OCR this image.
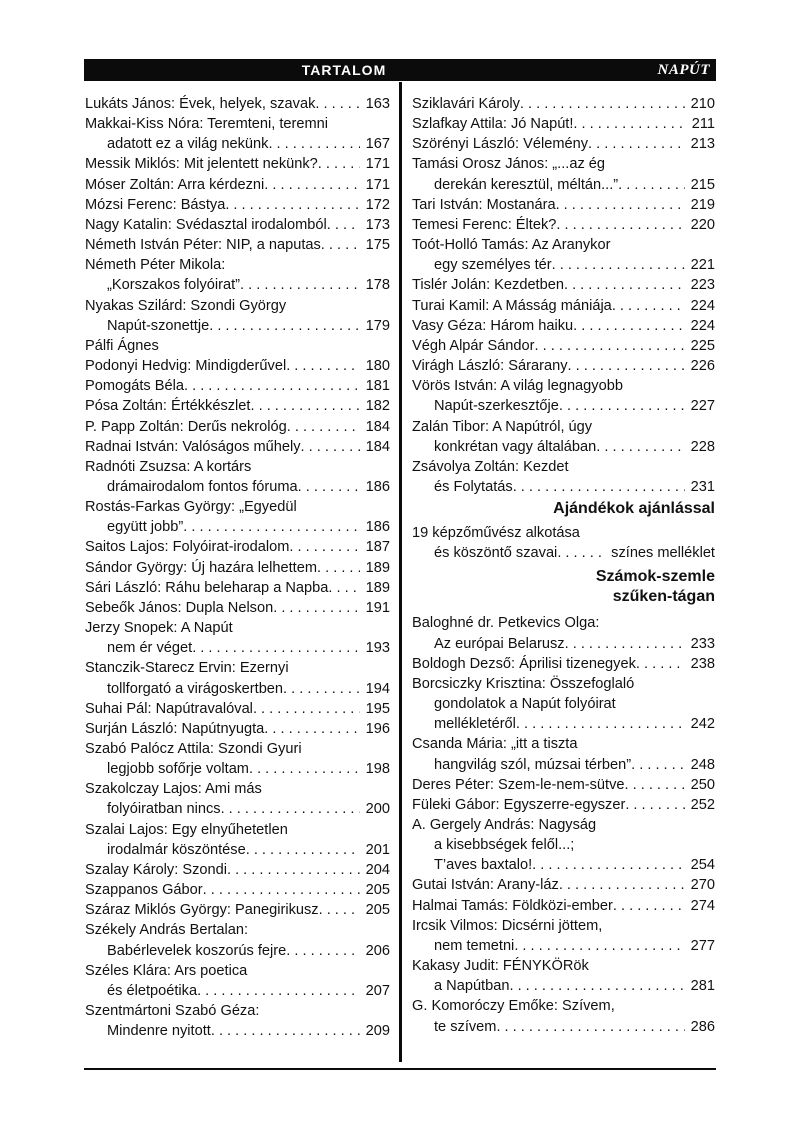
TARTALOM	NAPÚT
Lukáts János: Évek, helyek, szavak . . .	163
Makkai-Kiss Nóra: Teremteni, teremni
adatott ez a világ nekünk . . .	167
Messik Miklós: Mit jelentett nekünk? . . .	171
Móser Zoltán: Arra kérdezni . . .	171
Mózsi Ferenc: Bástya . . .	172
Nagy Katalin: Svédasztal irodalomból . . .	173
Németh István Péter: NIP, a naputas . . .	175
Németh Péter Mikola:
„Korszakos folyóirat” . . .	178
Nyakas Szilárd: Szondi György
Napút-szonettje . . .	179
Pálfi Ágnes
Podonyi Hedvig: Mindigderűvel . . .	180
Pomogáts Béla . . .	181
Pósa Zoltán: Értékkészlet . . .	182
P. Papp Zoltán: Derűs nekrológ . . .	184
Radnai István: Valóságos műhely . . .	184
Radnóti Zsuzsa: A kortárs
drámairodalom fontos fóruma . . .	186
Rostás-Farkas György: „Egyedül
együtt jobb” . . .	186
Saitos Lajos: Folyóirat-irodalom . . .	187
Sándor György: Új hazára lelhettem . . .	189
Sári László: Ráhu beleharap a Napba . . .	189
Sebeők János: Dupla Nelson . . .	191
Jerzy Snopek: A Napút
nem ér véget . . .	193
Stanczik-Starecz Ervin: Ezernyi
tollforgató a virágoskertben . . .	194
Suhai Pál: Napútravalóval . . .	195
Surján László: Napútnyugta . . .	196
Szabó Palócz Attila: Szondi Gyuri
legjobb sofőrje voltam . . .	198
Szakolczay Lajos: Ami más
folyóiratban nincs . . .	200
Szalai Lajos: Egy elnyűhetetlen
irodalmár köszöntése . . .	201
Szalay Károly: Szondi . . .	204
Szappanos Gábor . . .	205
Száraz Miklós György: Panegirikusz . . .	205
Székely András Bertalan:
Babérlevelek koszorús fejre . . .	206
Széles Klára: Ars poetica
és életpoétika . . .	207
Szentmártoni Szabó Géza:
Mindenre nyitott . . .	209
Sziklavári Károly . . .	210
Szlafkay Attila: Jó Napút! . . .	211
Szörényi László: Vélemény . . .	213
Tamási Orosz János: „...az ég
derekán keresztül, méltán...” . . .	215
Tari István: Mostanára . . .	219
Temesi Ferenc: Éltek? . . .	220
Toót-Holló Tamás: Az Aranykor
egy személyes tér . . .	221
Tislér Jolán: Kezdetben . . .	223
Turai Kamil: A Másság mániája . . .	224
Vasy Géza: Három haiku . . .	224
Végh Alpár Sándor . . .	225
Virágh László: Sárarany . . .	226
Vörös István: A világ legnagyobb
Napút-szerkesztője . . .	227
Zalán Tibor: A Napútról, úgy
konkrétan vagy általában . . .	228
Zsávolya Zoltán: Kezdet
és Folytatás . . .	231
Ajándékok ajánlással
19 képzőművész alkotása
és köszöntő szavai . . .	színes melléklet
Számok-szemle
szűken-tágan
Baloghné dr. Petkevics Olga:
Az európai Belarusz . . .	233
Boldogh Dezső: Áprilisi tizenegyek . . .	238
Borcsiczky Krisztina: Összefoglaló
gondolatok a Napút folyóirat
mellékletéről . . .	242
Csanda Mária: „itt a tiszta
hangvilág szól, múzsai térben” . . .	248
Deres Péter: Szem-le-nem-sütve . . .	250
Füleki Gábor: Egyszerre-egyszer . . .	252
A. Gergely András: Nagyság
a kisebbségek felől...;
T’aves baxtalo! . . .	254
Gutai István: Arany-láz . . .	270
Halmai Tamás: Földközi-ember . . .	274
Ircsik Vilmos: Dicsérni jöttem,
nem temetni . . .	277
Kakasy Judit: FÉNYKÖRök
a Napútban . . .	281
G. Komoróczy Emőke: Szívem,
te szívem . . .	286
